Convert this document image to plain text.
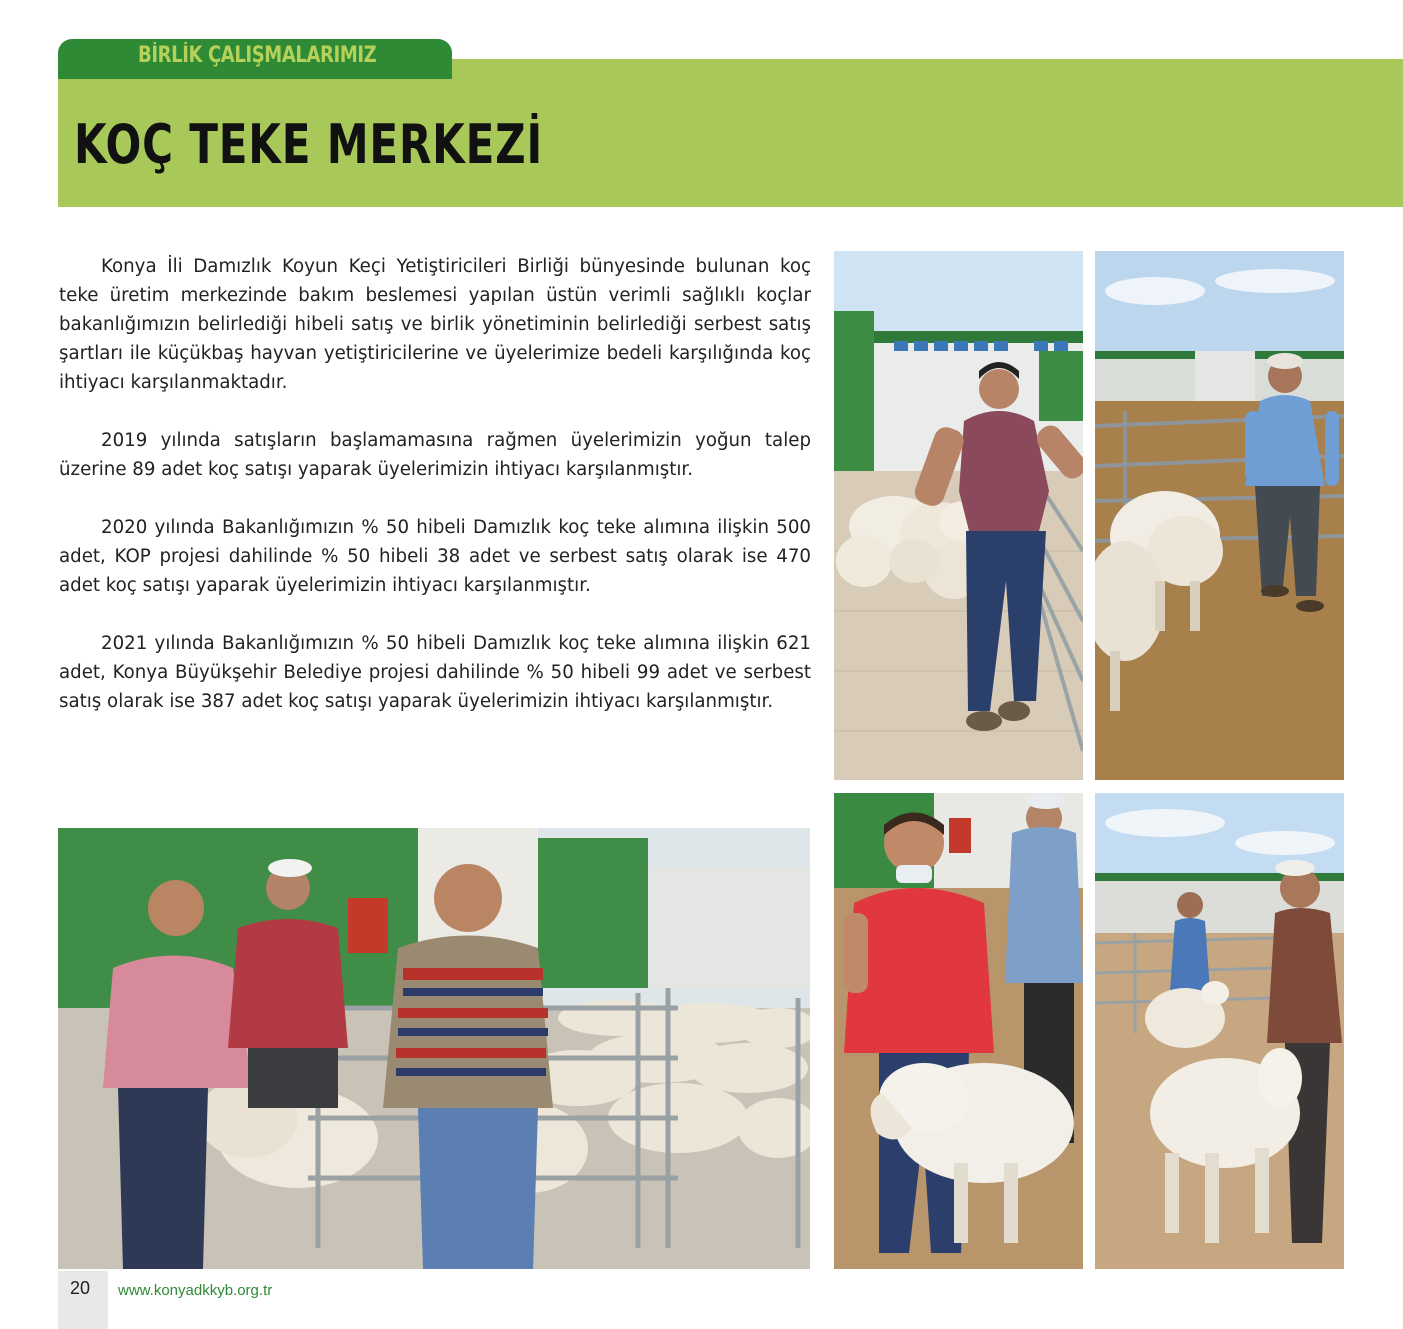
KOÇ TEKE MERKEZİ
BİRLİK ÇALIŞMALARIMIZ

Konya İli Damızlık Koyun Keçi Yetiştiricileri Birliği bünyesinde bulunan koç teke üretim merkezinde bakım beslemesi yapılan üstün verimli sağlıklı koçlar bakanlığımızın belirlediği hibeli satış ve birlik yönetiminin belirlediği serbest satış şartları ile küçükbaş hayvan yetiştiricilerine ve üyelerimize bedeli karşılığında koç ihtiyacı karşılanmaktadır.

2019 yılında satışların başlamamasına rağmen üyelerimizin yoğun talep üzerine 89 adet koç satışı yaparak üyelerimizin ihtiyacı karşılanmıştır.

2020 yılında Bakanlığımızın % 50 hibeli Damızlık koç teke alımına ilişkin 500 adet, KOP projesi dahilinde % 50 hibeli 38 adet ve serbest satış olarak ise 470 adet koç satışı yaparak üyelerimizin ihtiyacı karşılanmıştır.

2021 yılında Bakanlığımızın % 50 hibeli Damızlık koç teke alımına ilişkin 621 adet, Konya Büyükşehir Belediye projesi dahilinde % 50 hibeli 99 adet ve serbest satış olarak ise 387 adet koç satışı yaparak üyelerimizin ihtiyacı karşılanmıştır.

20 www.konyadkkyb.org.tr
